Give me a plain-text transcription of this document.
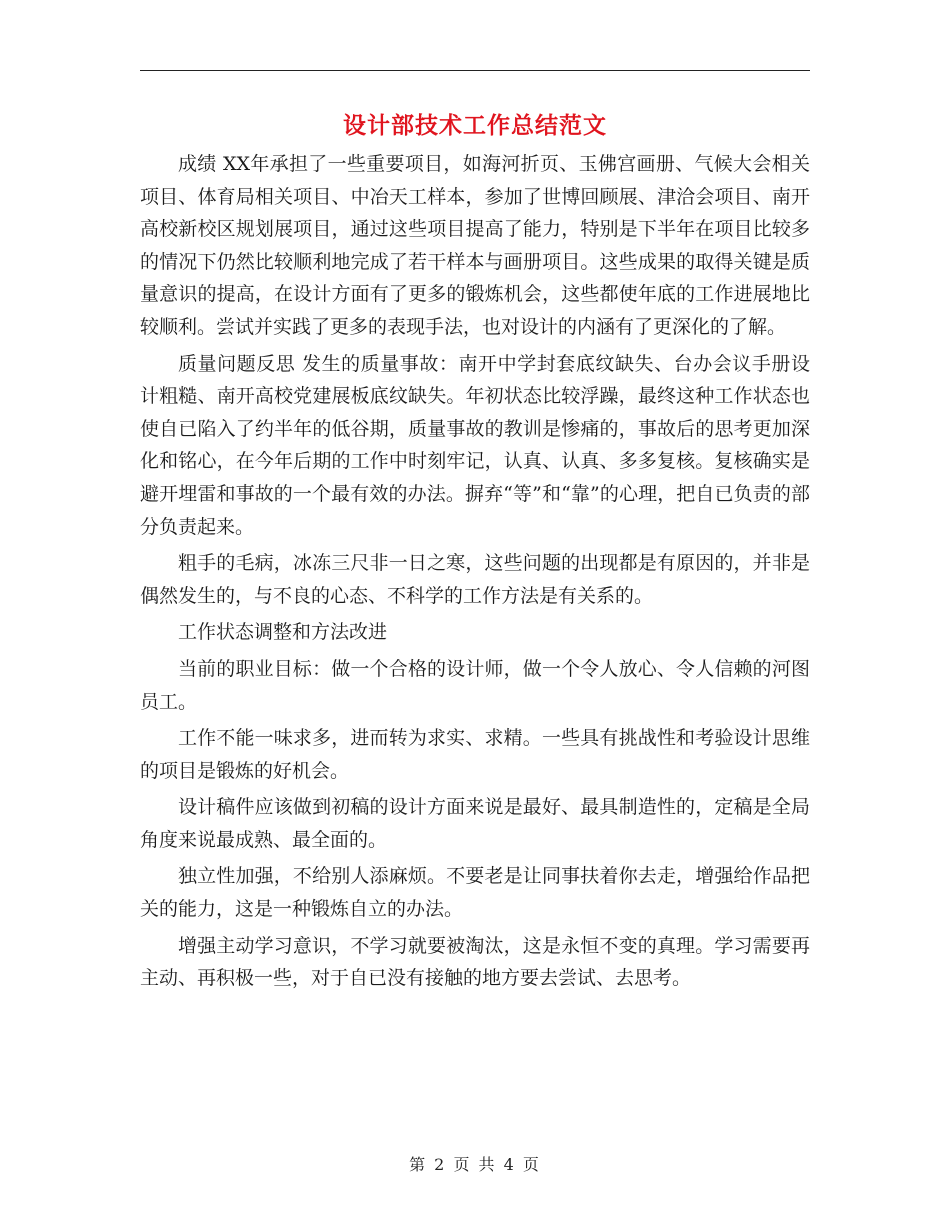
设计部技术工作总结范文

成绩 XX年承担了一些重要项目，如海河折页、玉佛宫画册、气候大会相关项目、体育局相关项目、中冶天工样本，参加了世博回顾展、津洽会项目、南开高校新校区规划展项目，通过这些项目提高了能力，特别是下半年在项目比较多的情况下仍然比较顺利地完成了若干样本与画册项目。这些成果的取得关键是质量意识的提高，在设计方面有了更多的锻炼机会，这些都使年底的工作进展地比较顺利。尝试并实践了更多的表现手法，也对设计的内涵有了更深化的了解。

质量问题反思 发生的质量事故：南开中学封套底纹缺失、台办会议手册设计粗糙、南开高校党建展板底纹缺失。年初状态比较浮躁，最终这种工作状态也使自已陷入了约半年的低谷期，质量事故的教训是惨痛的，事故后的思考更加深化和铭心，在今年后期的工作中时刻牢记，认真、认真、多多复核。复核确实是避开埋雷和事故的一个最有效的办法。摒弃“等”和“靠”的心理，把自已负责的部分负责起来。

粗手的毛病，冰冻三尺非一日之寒，这些问题的出现都是有原因的，并非是偶然发生的，与不良的心态、不科学的工作方法是有关系的。

工作状态调整和方法改进

当前的职业目标：做一个合格的设计师，做一个令人放心、令人信赖的河图员工。

工作不能一味求多，进而转为求实、求精。一些具有挑战性和考验设计思维的项目是锻炼的好机会。

设计稿件应该做到初稿的设计方面来说是最好、最具制造性的，定稿是全局角度来说最成熟、最全面的。

独立性加强，不给别人添麻烦。不要老是让同事扶着你去走，增强给作品把关的能力，这是一种锻炼自立的办法。

增强主动学习意识，不学习就要被淘汰，这是永恒不变的真理。学习需要再主动、再积极一些，对于自已没有接触的地方要去尝试、去思考。

第 2 页 共 4 页
